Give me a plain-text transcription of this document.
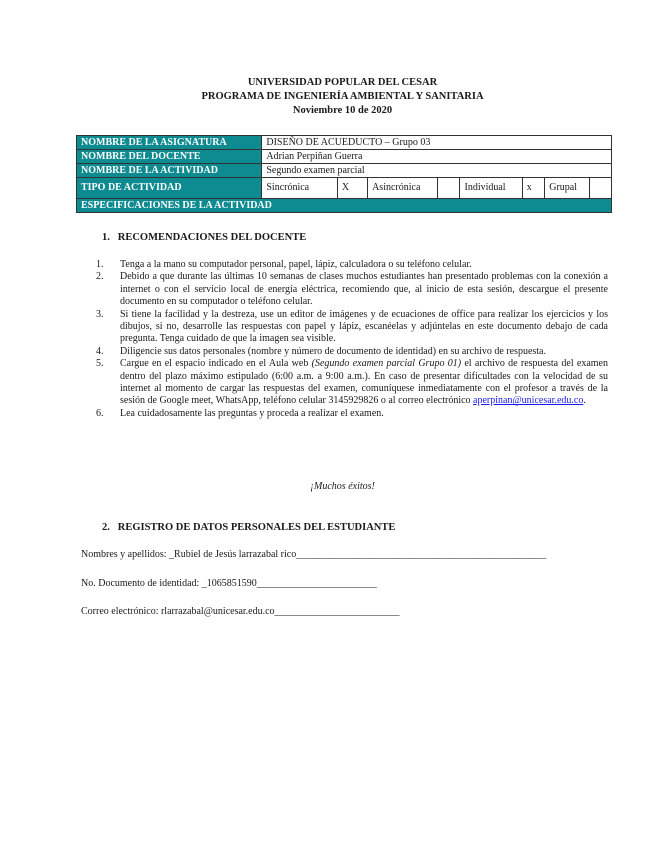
UNIVERSIDAD POPULAR DEL CESAR
PROGRAMA DE INGENIERÍA AMBIENTAL Y SANITARIA
Noviembre 10 de 2020
NOMBRE DE LA ASIGNATURA	DISEÑO DE ACUEDUCTO – Grupo 03							
NOMBRE DEL DOCENTE	Adrian Perpiñan Guerra							
NOMBRE DE LA ACTIVIDAD	Segundo examen parcial							
TIPO DE ACTIVIDAD	Sincrónica	X	Asincrónica		Individual	x	Grupal	
ESPECIFICACIONES DE LA ACTIVIDAD								
1. RECOMENDACIONES DEL DOCENTE
1. Tenga a la mano su computador personal, papel, lápiz, calculadora o su teléfono celular.
2. Debido a que durante las últimas 10 semanas de clases muchos estudiantes han presentado problemas con la conexión a internet o con el servicio local de energía eléctrica, recomiendo que, al inicio de esta sesión, descargue el presente documento en su computador o teléfono celular.
3. Si tiene la facilidad y la destreza, use un editor de imágenes y de ecuaciones de office para realizar los ejercicios y los dibujos, si no, desarrolle las respuestas con papel y lápiz, escanéelas y adjúntelas en este documento debajo de cada pregunta. Tenga cuidado de que la imagen sea visible.
4. Diligencie sus datos personales (nombre y número de documento de identidad) en su archivo de respuesta.
5. Cargue en el espacio indicado en el Aula web (Segundo examen parcial Grupo 01) el archivo de respuesta del examen dentro del plazo máximo estipulado (6:00 a.m. a 9:00 a.m.). En caso de presentar dificultades con la velocidad de su internet al momento de cargar las respuestas del examen, comuníquese inmediatamente con el profesor a través de la sesión de Google meet, WhatsApp, teléfono celular 3145929826 o al correo electrónico aperpinan@unicesar.edu.co.
6. Lea cuidadosamente las preguntas y proceda a realizar el examen.
¡Muchos éxitos!
2. REGISTRO DE DATOS PERSONALES DEL ESTUDIANTE
Nombres y apellidos: _Rubiel de Jesús larrazabal rico__________________________________________________
No. Documento de identidad: _1065851590________________________
Correo electrónico: rlarrazabal@unicesar.edu.co_________________________
